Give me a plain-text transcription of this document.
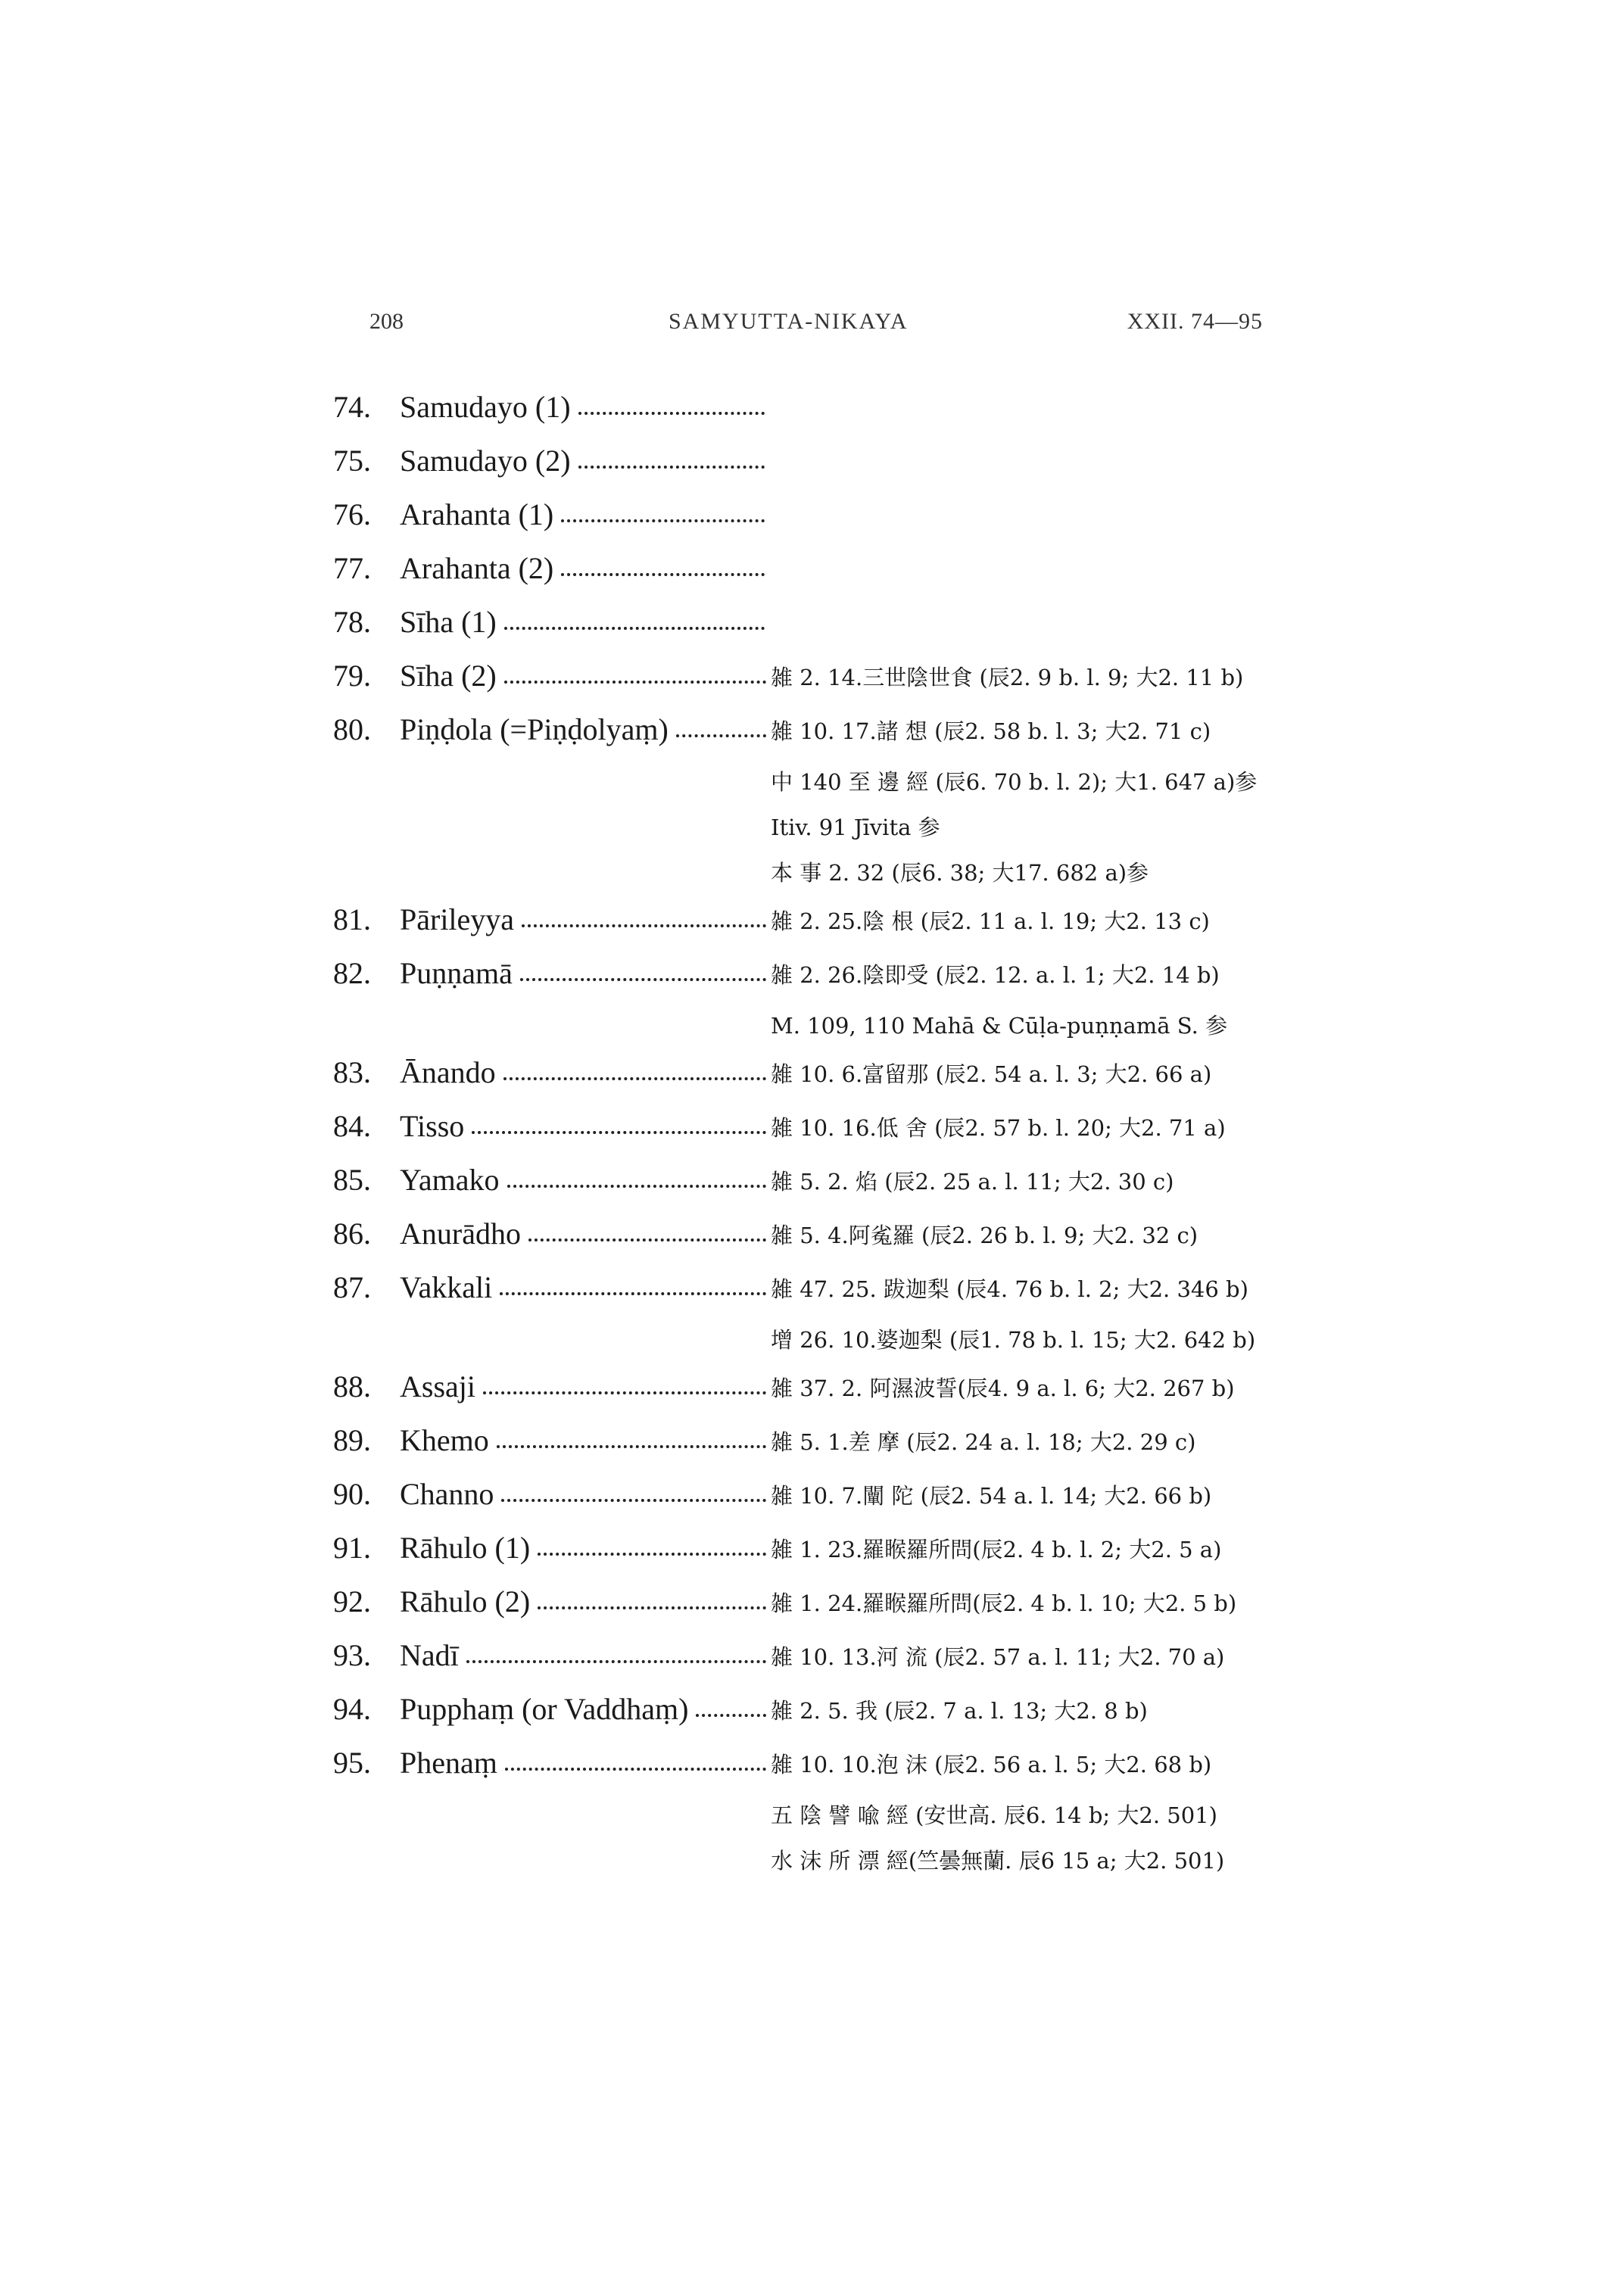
208	SAMYUTTA-NIKAYA	XXII. 74—95
74. Samudayo (1)
75. Samudayo (2)
76. Arahanta (1)
77. Arahanta (2)
78. Sīha (1)
79. Sīha (2)	雑 2. 14.三世陰世食 (辰2. 9 b. l. 9; 大2. 11 b)
80. Piṇḍola (=Piṇḍolyaṃ)	雑 10. 17.諸 想 (辰2. 58 b. l. 3; 大2. 71 c)
中 140 至 邊 經 (辰6. 70 b. l. 2); 大1. 647 a)参
Itiv. 91 Jīvita 参
本 事 2. 32 (辰6. 38; 大17. 682 a)参
81. Pārileyya	雑 2. 25.陰 根 (辰2. 11 a. l. 19; 大2. 13 c)
82. Puṇṇamā	雑 2. 26.陰即受 (辰2. 12. a. l. 1; 大2. 14 b)
M. 109, 110 Mahā & Cūḷa-puṇṇamā S. 参
83. Ānando	雑 10. 6.富留那 (辰2. 54 a. l. 3; 大2. 66 a)
84. Tisso	雑 10. 16.低 舍 (辰2. 57 b. l. 20; 大2. 71 a)
85. Yamako	雑 5. 2. 焰 (辰2. 25 a. l. 11; 大2. 30 c)
86. Anurādho	雑 5. 4.阿㝹羅 (辰2. 26 b. l. 9; 大2. 32 c)
87. Vakkali	雑 47. 25. 跋迦梨 (辰4. 76 b. l. 2; 大2. 346 b)
增 26. 10.婆迦梨 (辰1. 78 b. l. 15; 大2. 642 b)
88. Assaji	雑 37. 2. 阿濕波誓(辰4. 9 a. l. 6; 大2. 267 b)
89. Khemo	雑 5. 1.差 摩 (辰2. 24 a. l. 18; 大2. 29 c)
90. Channo	雑 10. 7.闡 陀 (辰2. 54 a. l. 14; 大2. 66 b)
91. Rāhulo (1)	雑 1. 23.羅睺羅所問(辰2. 4 b. l. 2; 大2. 5 a)
92. Rāhulo (2)	雑 1. 24.羅睺羅所問(辰2. 4 b. l. 10; 大2. 5 b)
93. Nadī	雑 10. 13.河 流 (辰2. 57 a. l. 11; 大2. 70 a)
94. Pupphaṃ (or Vaddhaṃ)	雑 2. 5. 我 (辰2. 7 a. l. 13; 大2. 8 b)
95. Phenaṃ	雑 10. 10.泡 沫 (辰2. 56 a. l. 5; 大2. 68 b)
五 陰 譬 喩 經 (安世高. 辰6. 14 b; 大2. 501)
水 沫 所 漂 經(竺曇無蘭. 辰6 15 a; 大2. 501)
